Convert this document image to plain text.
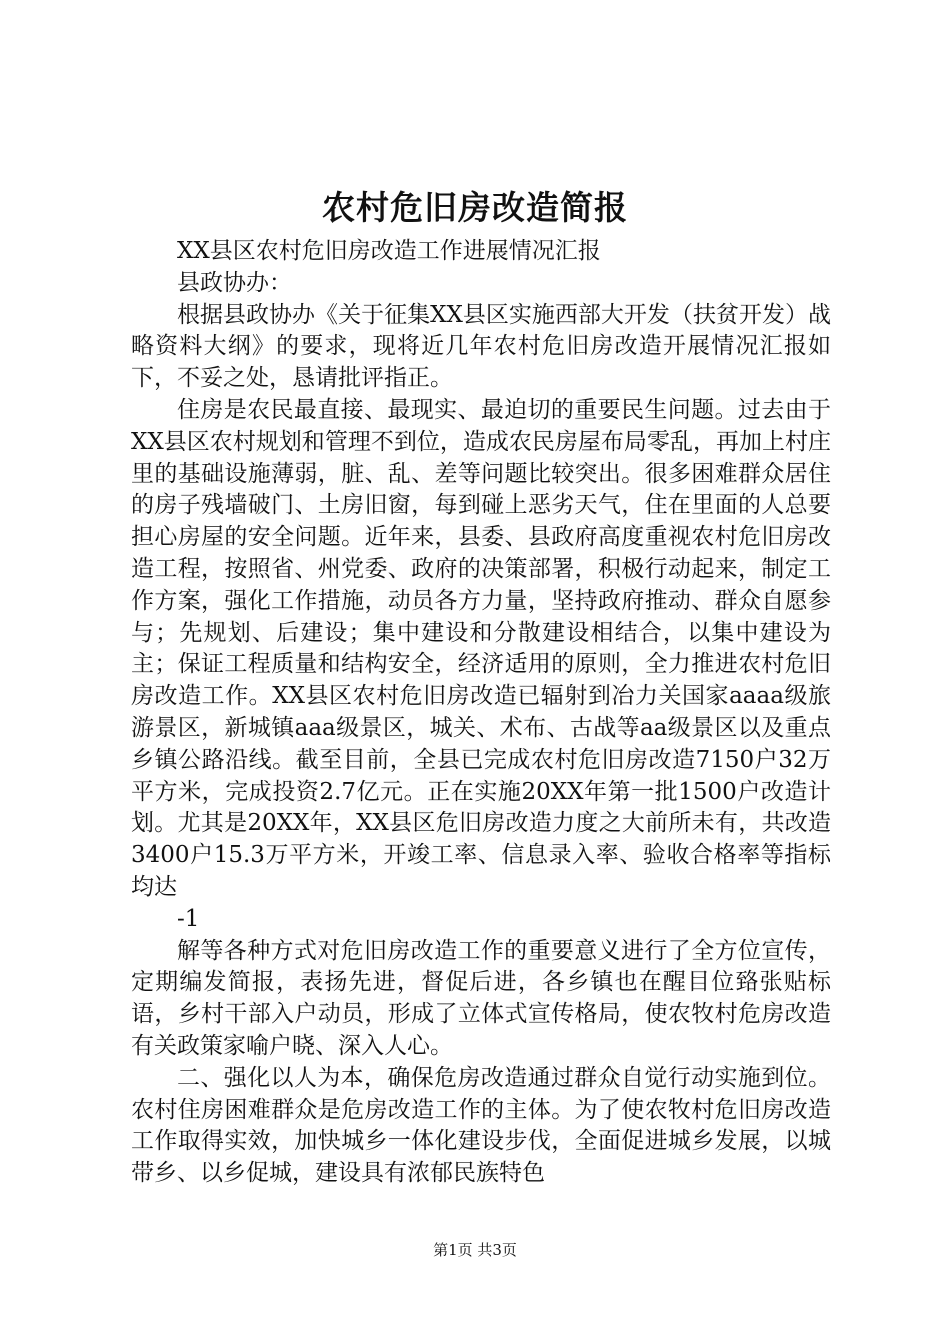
农村危旧房改造简报

XX县区农村危旧房改造工作进展情况汇报

县政协办：

根据县政协办《关于征集XX县区实施西部大开发（扶贫开发）战略资料大纲》的要求，现将近几年农村危旧房改造开展情况汇报如下，不妥之处，恳请批评指正。

住房是农民最直接、最现实、最迫切的重要民生问题。过去由于XX县区农村规划和管理不到位，造成农民房屋布局零乱，再加上村庄里的基础设施薄弱，脏、乱、差等问题比较突出。很多困难群众居住的房子残墙破门、土房旧窗，每到碰上恶劣天气，住在里面的人总要担心房屋的安全问题。近年来，县委、县政府高度重视农村危旧房改造工程，按照省、州党委、政府的决策部署，积极行动起来，制定工作方案，强化工作措施，动员各方力量，坚持政府推动、群众自愿参与；先规划、后建设；集中建设和分散建设相结合，以集中建设为主；保证工程质量和结构安全，经济适用的原则，全力推进农村危旧房改造工作。XX县区农村危旧房改造已辐射到冶力关国家aaaa级旅游景区，新城镇aaa级景区，城关、术布、古战等aa级景区以及重点乡镇公路沿线。截至目前，全县已完成农村危旧房改造7150户32万平方米，完成投资2.7亿元。正在实施20XX年第一批1500户改造计划。尤其是20XX年，XX县区危旧房改造力度之大前所未有，共改造3400户15.3万平方米，开竣工率、信息录入率、验收合格率等指标均达

-1

解等各种方式对危旧房改造工作的重要意义进行了全方位宣传，定期编发简报，表扬先进，督促后进，各乡镇也在醒目位臵张贴标语，乡村干部入户动员，形成了立体式宣传格局，使农牧村危房改造有关政策家喻户晓、深入人心。

二、强化以人为本，确保危房改造通过群众自觉行动实施到位。农村住房困难群众是危房改造工作的主体。为了使农牧村危旧房改造工作取得实效，加快城乡一体化建设步伐，全面促进城乡发展，以城带乡、以乡促城，建设具有浓郁民族特色

第1页 共3页
